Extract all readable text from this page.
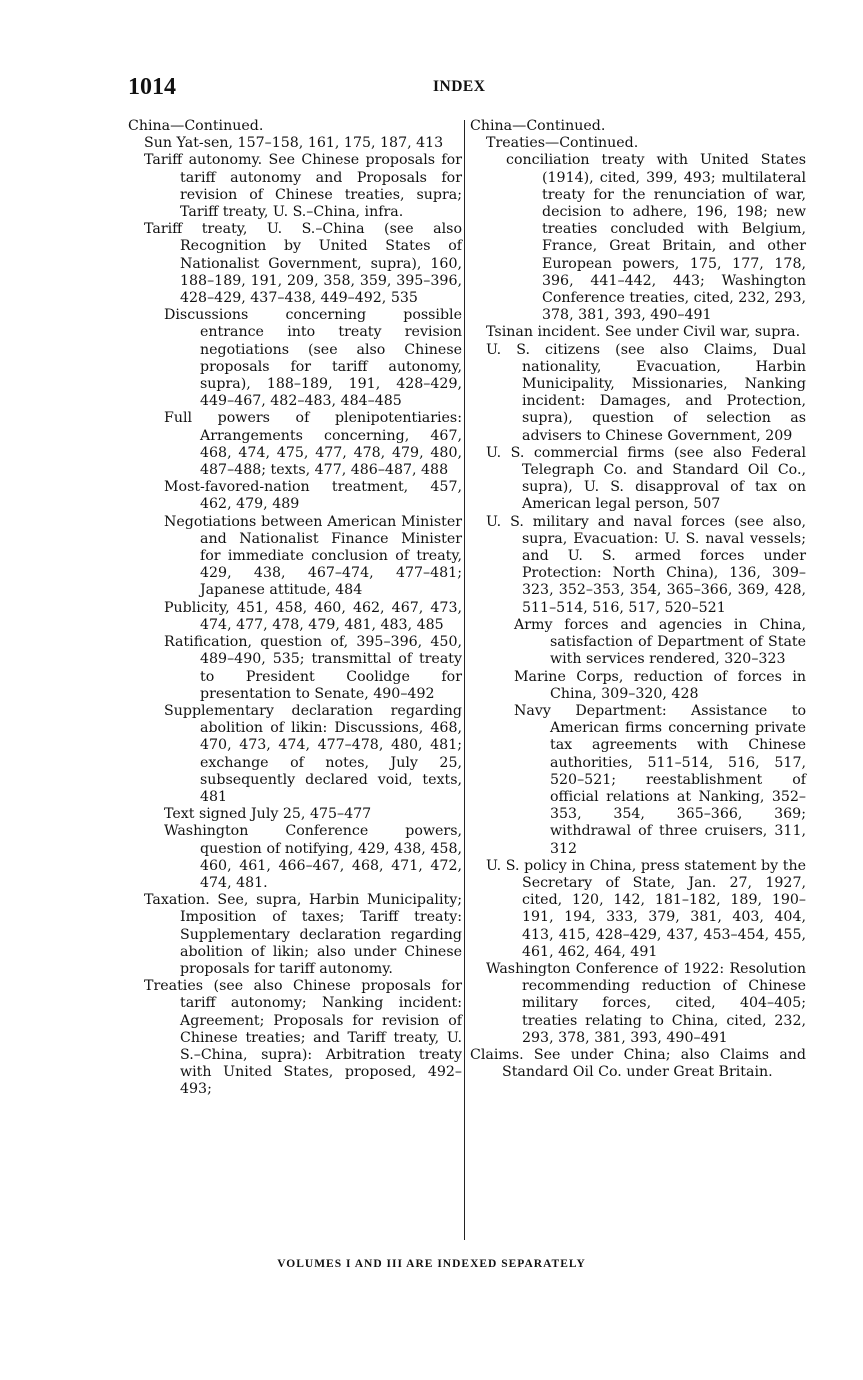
1014	INDEX
China—Continued.
Sun Yat-sen, 157–158, 161, 175, 187, 413
Tariff autonomy. See Chinese proposals for tariff autonomy and Proposals for revision of Chinese treaties, supra; Tariff treaty, U. S.–China, infra.
Tariff treaty, U. S.–China (see also Recognition by United States of Nationalist Government, supra), 160, 188–189, 191, 209, 358, 359, 395–396, 428–429, 437–438, 449–492, 535
Discussions concerning possible entrance into treaty revision negotiations (see also Chinese proposals for tariff autonomy, supra), 188–189, 191, 428–429, 449–467, 482–483, 484–485
Full powers of plenipotentiaries: Arrangements concerning, 467, 468, 474, 475, 477, 478, 479, 480, 487–488; texts, 477, 486–487, 488
Most-favored-nation treatment, 457, 462, 479, 489
Negotiations between American Minister and Nationalist Finance Minister for immediate conclusion of treaty, 429, 438, 467–474, 477–481; Japanese attitude, 484
Publicity, 451, 458, 460, 462, 467, 473, 474, 477, 478, 479, 481, 483, 485
Ratification, question of, 395–396, 450, 489–490, 535; transmittal of treaty to President Coolidge for presentation to Senate, 490–492
Supplementary declaration regarding abolition of likin: Discussions, 468, 470, 473, 474, 477–478, 480, 481; exchange of notes, July 25, subsequently declared void, texts, 481
Text signed July 25, 475–477
Washington Conference powers, question of notifying, 429, 438, 458, 460, 461, 466–467, 468, 471, 472, 474, 481.
Taxation. See, supra, Harbin Municipality; Imposition of taxes; Tariff treaty: Supplementary declaration regarding abolition of likin; also under Chinese proposals for tariff autonomy.
Treaties (see also Chinese proposals for tariff autonomy; Nanking incident: Agreement; Proposals for revision of Chinese treaties; and Tariff treaty, U. S.–China, supra): Arbitration treaty with United States, proposed, 492–493;
China—Continued.
Treaties—Continued.
conciliation treaty with United States (1914), cited, 399, 493; multilateral treaty for the renunciation of war, decision to adhere, 196, 198; new treaties concluded with Belgium, France, Great Britain, and other European powers, 175, 177, 178, 396, 441–442, 443; Washington Conference treaties, cited, 232, 293, 378, 381, 393, 490–491
Tsinan incident. See under Civil war, supra.
U. S. citizens (see also Claims, Dual nationality, Evacuation, Harbin Municipality, Missionaries, Nanking incident: Damages, and Protection, supra), question of selection as advisers to Chinese Government, 209
U. S. commercial firms (see also Federal Telegraph Co. and Standard Oil Co., supra), U. S. disapproval of tax on American legal person, 507
U. S. military and naval forces (see also, supra, Evacuation: U. S. naval vessels; and U. S. armed forces under Protection: North China), 136, 309–323, 352–353, 354, 365–366, 369, 428, 511–514, 516, 517, 520–521
Army forces and agencies in China, satisfaction of Department of State with services rendered, 320–323
Marine Corps, reduction of forces in China, 309–320, 428
Navy Department: Assistance to American firms concerning private tax agreements with Chinese authorities, 511–514, 516, 517, 520–521; reestablishment of official relations at Nanking, 352–353, 354, 365–366, 369; withdrawal of three cruisers, 311, 312
U. S. policy in China, press statement by the Secretary of State, Jan. 27, 1927, cited, 120, 142, 181–182, 189, 190–191, 194, 333, 379, 381, 403, 404, 413, 415, 428–429, 437, 453–454, 455, 461, 462, 464, 491
Washington Conference of 1922: Resolution recommending reduction of Chinese military forces, cited, 404–405; treaties relating to China, cited, 232, 293, 378, 381, 393, 490–491
Claims. See under China; also Claims and Standard Oil Co. under Great Britain.
VOLUMES I AND III ARE INDEXED SEPARATELY
